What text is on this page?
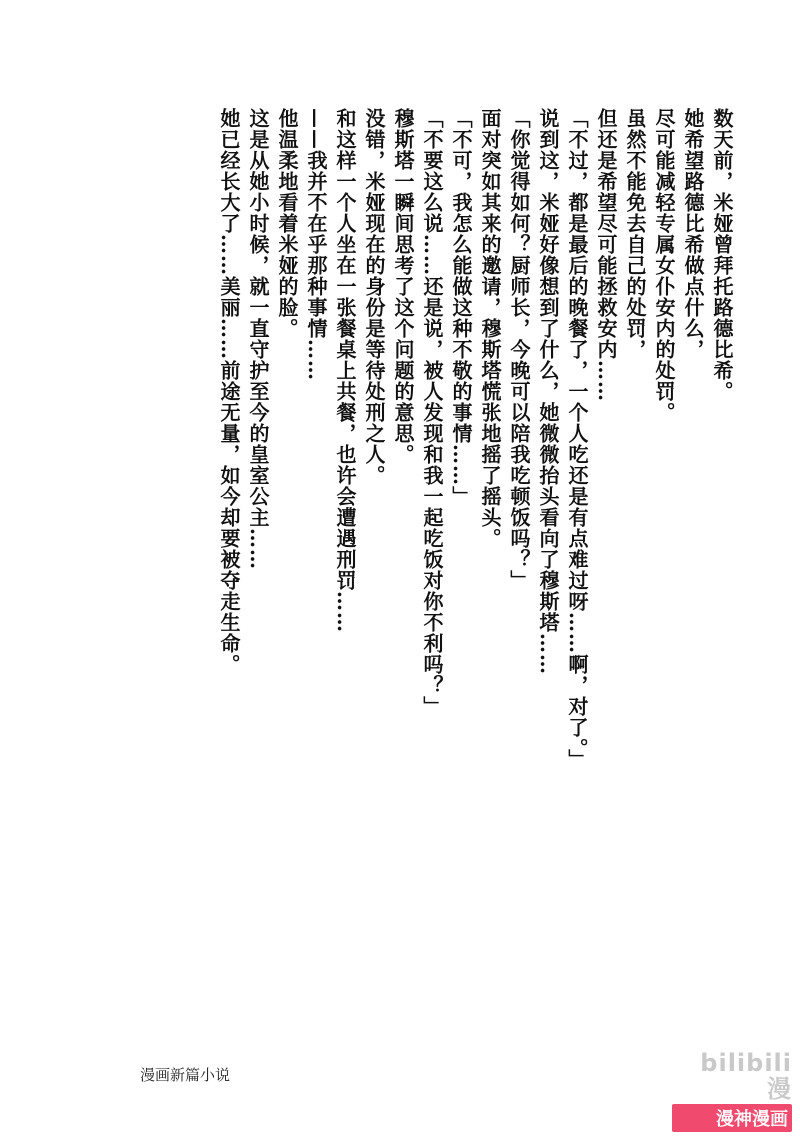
数天前，米娅曾拜托路德比希。
她希望路德比希做点什么，
尽可能减轻专属女仆安内的处罚。
虽然不能免去自己的处罚，
但还是希望尽可能拯救安内……
「不过，都是最后的晚餐了，一个人吃还是有点难过呀……啊，对了。」
说到这，米娅好像想到了什么，她微微抬头看向了穆斯塔……
「你觉得如何？厨师长，今晚可以陪我吃顿饭吗？」
面对突如其来的邀请，穆斯塔慌张地摇了摇头。
「不可，我怎么能做这种不敬的事情……」
「不要这么说……还是说，被人发现和我一起吃饭对你不利吗？」
穆斯塔一瞬间思考了这个问题的意思。
没错，米娅现在的身份是等待处刑之人。
和这样一个人坐在一张餐桌上共餐，也许会遭遇刑罚……
——我并不在乎那种事情……
他温柔地看着米娅的脸。
这是从她小时候，就一直守护至今的皇室公主……
她已经长大了……美丽……前途无量，如今却要被夺走生命。
漫画新篇小说	bilibili 漫
漫神漫画
